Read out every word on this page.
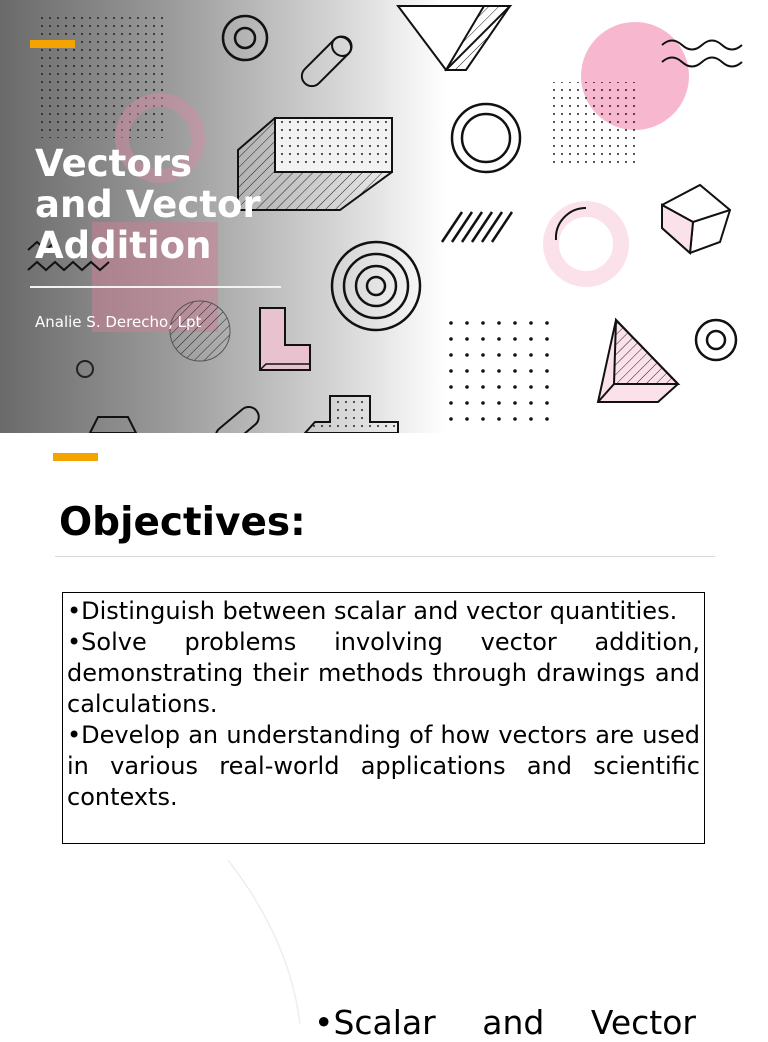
Vectors
and Vector
Addition
Analie S. Derecho, Lpt
Objectives:

•Distinguish between scalar and vector quantities.

•Solve problems involving vector addition, demonstrating their methods through drawings and calculations.

•Develop an understanding of how vectors are used in various real-world applications and scientific contexts.

•Scalar and Vector
